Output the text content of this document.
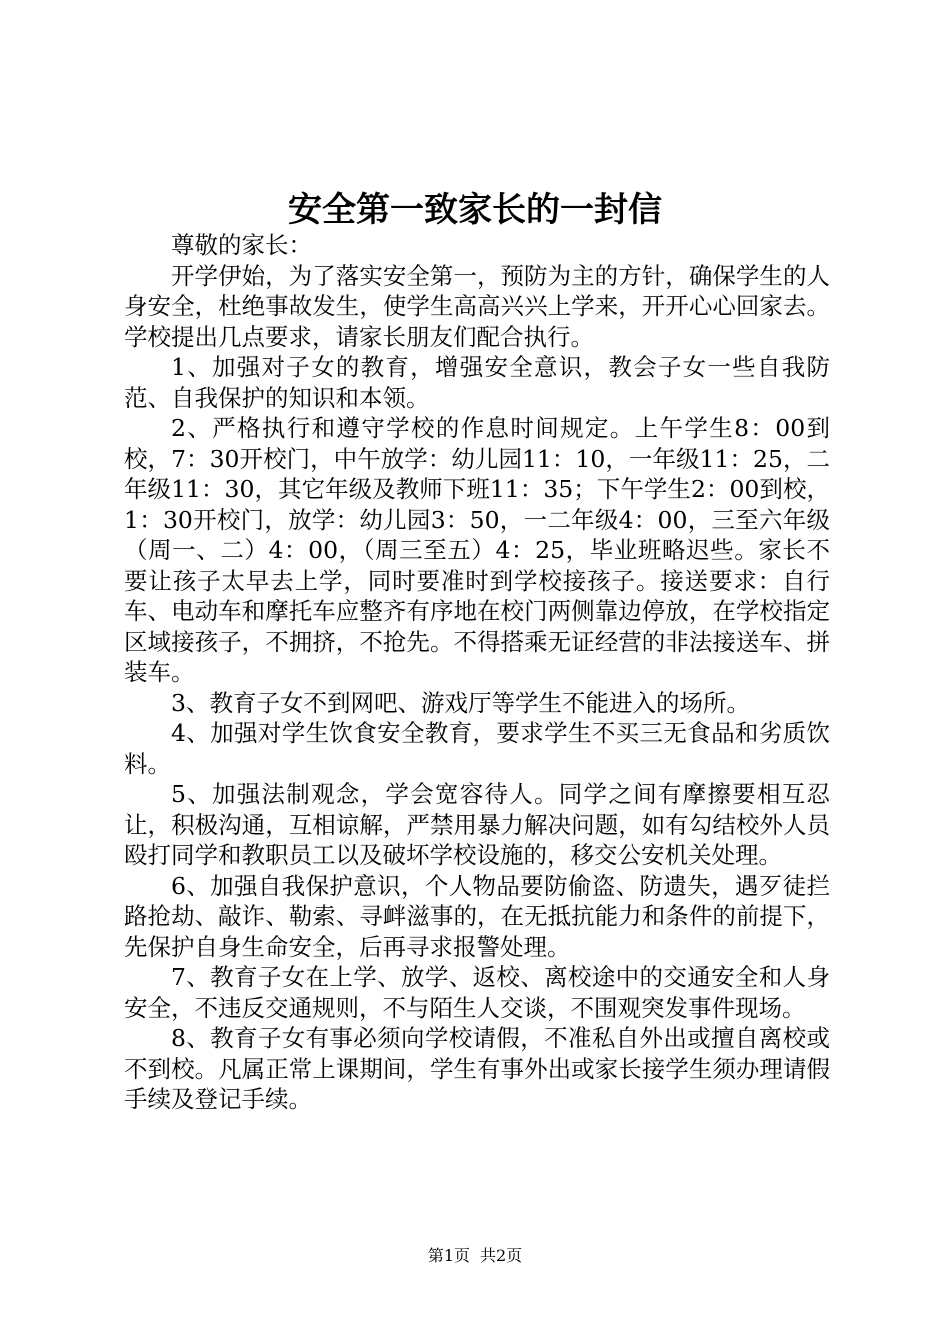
安全第一致家长的一封信

尊敬的家长：

开学伊始，为了落实安全第一，预防为主的方针，确保学生的人身安全，杜绝事故发生，使学生高高兴兴上学来，开开心心回家去。学校提出几点要求，请家长朋友们配合执行。

1、加强对子女的教育，增强安全意识，教会子女一些自我防范、自我保护的知识和本领。

2、严格执行和遵守学校的作息时间规定。上午学生8：00到校，7：30开校门，中午放学：幼儿园11：10，一年级11：25，二年级11：30，其它年级及教师下班11：35；下午学生2：00到校，1：30开校门，放学：幼儿园3：50，一二年级4：00，三至六年级（周一、二）4：00，（周三至五）4：25，毕业班略迟些。家长不要让孩子太早去上学，同时要准时到学校接孩子。接送要求：自行车、电动车和摩托车应整齐有序地在校门两侧靠边停放，在学校指定区域接孩子，不拥挤，不抢先。不得搭乘无证经营的非法接送车、拼装车。

3、教育子女不到网吧、游戏厅等学生不能进入的场所。

4、加强对学生饮食安全教育，要求学生不买三无食品和劣质饮料。

5、加强法制观念，学会宽容待人。同学之间有摩擦要相互忍让，积极沟通，互相谅解，严禁用暴力解决问题，如有勾结校外人员殴打同学和教职员工以及破坏学校设施的，移交公安机关处理。

6、加强自我保护意识，个人物品要防偷盗、防遗失，遇歹徒拦路抢劫、敲诈、勒索、寻衅滋事的，在无抵抗能力和条件的前提下，先保护自身生命安全，后再寻求报警处理。

7、教育子女在上学、放学、返校、离校途中的交通安全和人身安全，不违反交通规则，不与陌生人交谈，不围观突发事件现场。

8、教育子女有事必须向学校请假，不准私自外出或擅自离校或不到校。凡属正常上课期间，学生有事外出或家长接学生须办理请假手续及登记手续。

第1页 共2页
